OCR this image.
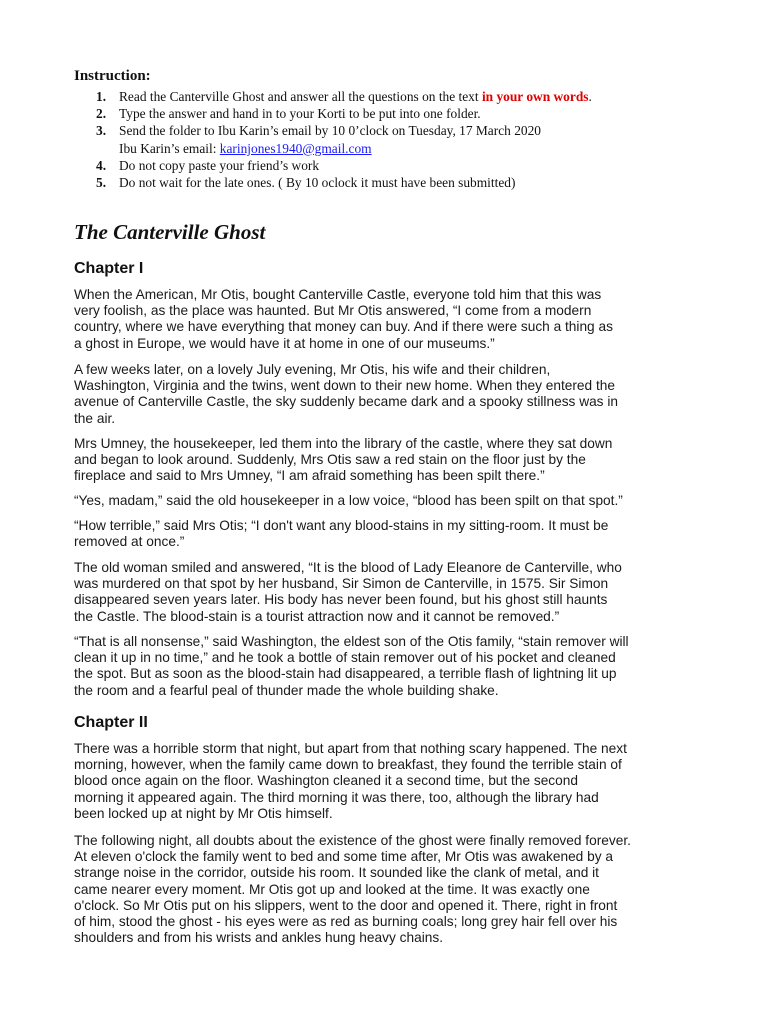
Instruction:
1. Read the Canterville Ghost and answer all the questions on the text in your own words.
2. Type the answer and hand in to your Korti to be put into one folder.
3. Send the folder to Ibu Karin’s email by 10 0’clock on Tuesday, 17 March 2020
Ibu Karin’s email: karinjones1940@gmail.com
4. Do not copy paste your friend’s work
5. Do not wait for the late ones. ( By 10 oclock it must have been submitted)
The Canterville Ghost
Chapter I

When the American, Mr Otis, bought Canterville Castle, everyone told him that this was
very foolish, as the place was haunted. But Mr Otis answered, “I come from a modern
country, where we have everything that money can buy. And if there were such a thing as
a ghost in Europe, we would have it at home in one of our museums.”

A few weeks later, on a lovely July evening, Mr Otis, his wife and their children,
Washington, Virginia and the twins, went down to their new home. When they entered the
avenue of Canterville Castle, the sky suddenly became dark and a spooky stillness was in
the air.

Mrs Umney, the housekeeper, led them into the library of the castle, where they sat down
and began to look around. Suddenly, Mrs Otis saw a red stain on the floor just by the
fireplace and said to Mrs Umney, “I am afraid something has been spilt there.”

“Yes, madam,” said the old housekeeper in a low voice, “blood has been spilt on that spot.”

“How terrible,” said Mrs Otis; “I don't want any blood-stains in my sitting-room. It must be
removed at once.”

The old woman smiled and answered, “It is the blood of Lady Eleanore de Canterville, who
was murdered on that spot by her husband, Sir Simon de Canterville, in 1575. Sir Simon
disappeared seven years later. His body has never been found, but his ghost still haunts
the Castle. The blood-stain is a tourist attraction now and it cannot be removed.”

“That is all nonsense,” said Washington, the eldest son of the Otis family, “stain remover will
clean it up in no time,” and he took a bottle of stain remover out of his pocket and cleaned
the spot. But as soon as the blood-stain had disappeared, a terrible flash of lightning lit up
the room and a fearful peal of thunder made the whole building shake.

Chapter II

There was a horrible storm that night, but apart from that nothing scary happened. The next
morning, however, when the family came down to breakfast, they found the terrible stain of
blood once again on the floor. Washington cleaned it a second time, but the second
morning it appeared again. The third morning it was there, too, although the library had
been locked up at night by Mr Otis himself.

The following night, all doubts about the existence of the ghost were finally removed forever.
At eleven o'clock the family went to bed and some time after, Mr Otis was awakened by a
strange noise in the corridor, outside his room. It sounded like the clank of metal, and it
came nearer every moment. Mr Otis got up and looked at the time. It was exactly one
o'clock. So Mr Otis put on his slippers, went to the door and opened it. There, right in front
of him, stood the ghost - his eyes were as red as burning coals; long grey hair fell over his
shoulders and from his wrists and ankles hung heavy chains.
